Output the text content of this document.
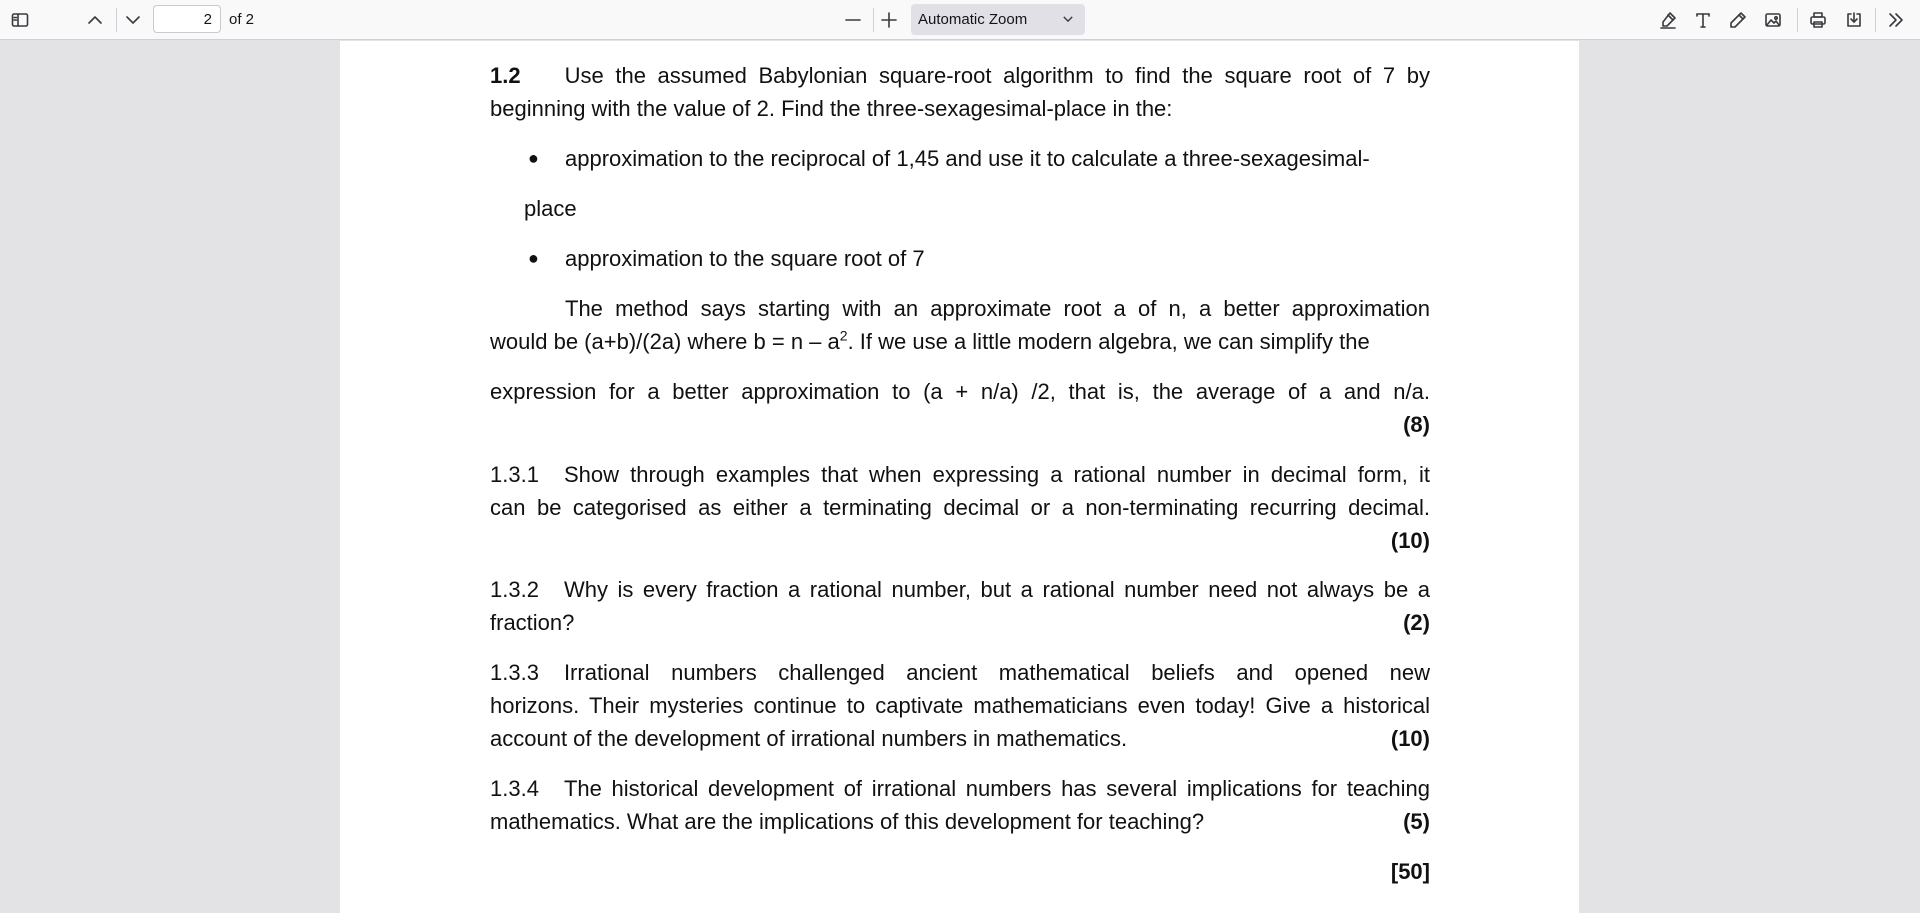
2
of 2	Automatic Zoom
1.2 Use the assumed Babylonian square-root algorithm to find the square root of 7 by
beginning with the value of 2. Find the three-sexagesimal-place in the:
● approximation to the reciprocal of 1,45 and use it to calculate a three-sexagesimal-
place
● approximation to the square root of 7
The method says starting with an approximate root a of n, a better approximation
would be (a+b)/(2a) where $b = n - a^2$. If we use a little modern algebra, we can simplify the
expression for a better approximation to (a + n/a) /2, that is, the average of a and n/a.
(8)
1.3.1 Show through examples that when expressing a rational number in decimal form, it
can be categorised as either a terminating decimal or a non-terminating recurring decimal.
(10)
1.3.2 Why is every fraction a rational number, but a rational number need not always be a
fraction?	(2)
1.3.3 Irrational numbers challenged ancient mathematical beliefs and opened new
horizons. Their mysteries continue to captivate mathematicians even today! Give a historical
account of the development of irrational numbers in mathematics.	(10)
1.3.4 The historical development of irrational numbers has several implications for teaching
mathematics. What are the implications of this development for teaching?	(5)
[50]
